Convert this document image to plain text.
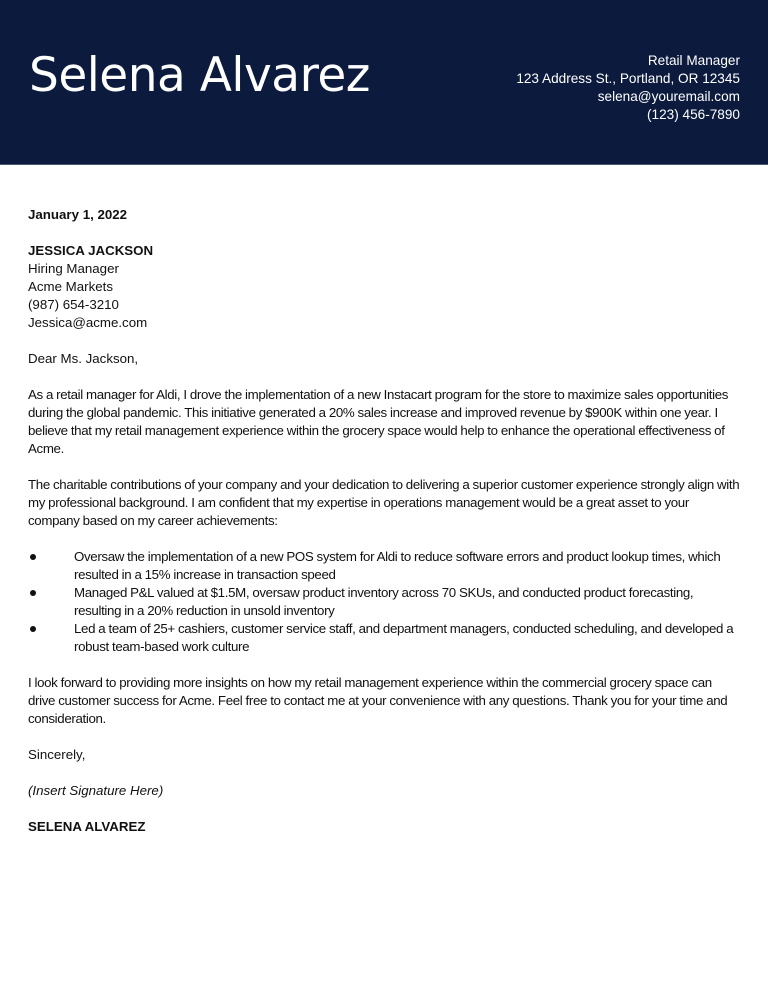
Selena Alvarez	Retail Manager
123 Address St., Portland, OR 12345
selena@youremail.com
(123) 456-7890

January 1, 2022

JESSICA JACKSON

Hiring Manager

Acme Markets

(987) 654-3210

Jessica@acme.com

Dear Ms. Jackson,

As a retail manager for Aldi, I drove the implementation of a new Instacart program for the store to maximize sales opportunities during the global pandemic. This initiative generated a 20% sales increase and improved revenue by $900K within one year. I believe that my retail management experience within the grocery space would help to enhance the operational effectiveness of Acme.

The charitable contributions of your company and your dedication to delivering a superior customer experience strongly align with my professional background. I am confident that my expertise in operations management would be a great asset to your company based on my career achievements:

Oversaw the implementation of a new POS system for Aldi to reduce software errors and product lookup times, which resulted in a 15% increase in transaction speed
Managed P&L valued at $1.5M, oversaw product inventory across 70 SKUs, and conducted product forecasting, resulting in a 20% reduction in unsold inventory
Led a team of 25+ cashiers, customer service staff, and department managers, conducted scheduling, and developed a robust team-based work culture

I look forward to providing more insights on how my retail management experience within the commercial grocery space can drive customer success for Acme. Feel free to contact me at your convenience with any questions. Thank you for your time and consideration.

Sincerely,

(Insert Signature Here)

SELENA ALVAREZ
